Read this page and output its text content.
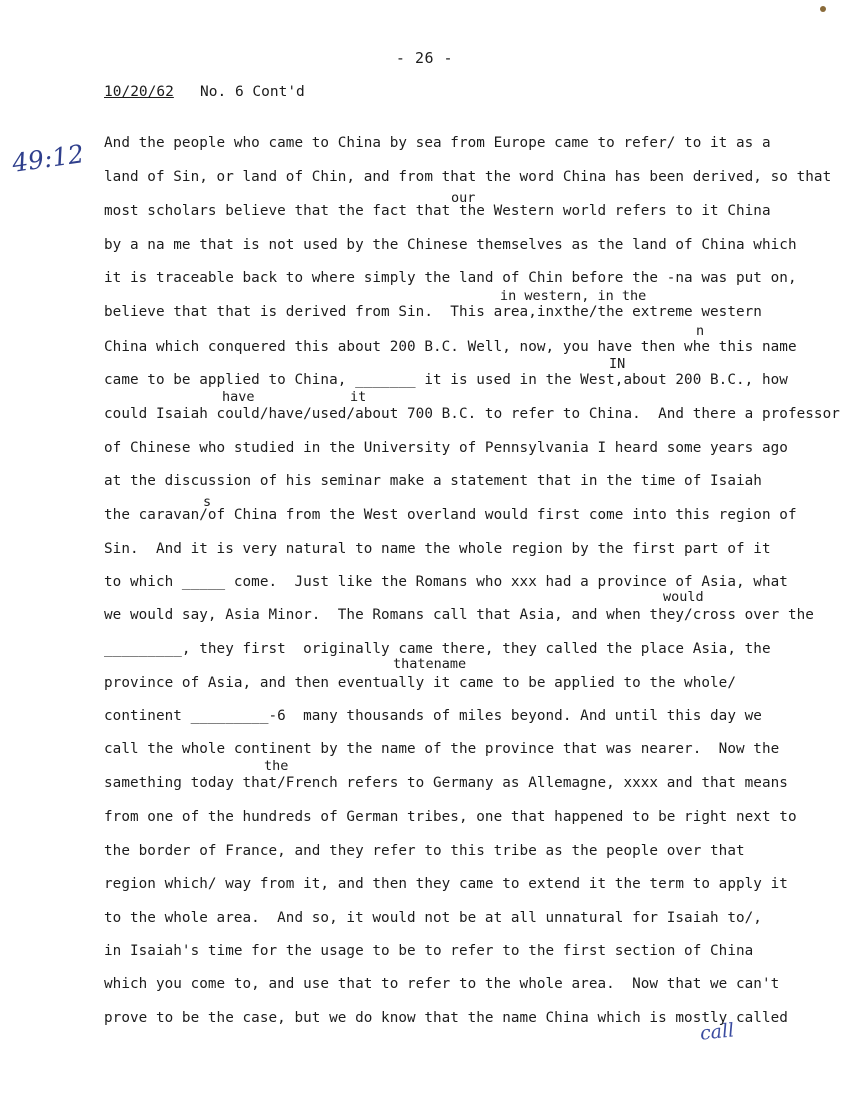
- 26 -
10/20/62   No. 6 Cont'd
49:12
our
in western, in the
n
IN
have	it
s
would
the
thatename
And the people who came to China by sea from Europe came to refer/ to it as a
land of Sin, or land of Chin, and from that the word China has been derived, so that
most scholars believe that the fact that the Western world refers to it China
by a na me that is not used by the Chinese themselves as the land of China which
it is traceable back to where simply the land of Chin before the -na was put on,
believe that that is derived from Sin.  This area,inxthe/the extreme western
China which conquered this about 200 B.C. Well, now, you have then whe this name
came to be applied to China, _______ it is used in the West,about 200 B.C., how
could Isaiah could/have/used/about 700 B.C. to refer to China.  And there a professor
of Chinese who studied in the University of Pennsylvania I heard some years ago
at the discussion of his seminar make a statement that in the time of Isaiah
the caravan/of China from the West overland would first come into this region of
Sin.  And it is very natural to name the whole region by the first part of it
to which _____ come.  Just like the Romans who xxx had a province of Asia, what
we would say, Asia Minor.  The Romans call that Asia, and when they/cross over the
_________, they first  originally came there, they called the place Asia, the
province of Asia, and then eventually it came to be applied to the whole/
continent _________-6  many thousands of miles beyond. And until this day we
call the whole continent by the name of the province that was nearer.  Now the
samething today that/French refers to Germany as Allemagne, xxxx and that means
from one of the hundreds of German tribes, one that happened to be right next to
the border of France, and they refer to this tribe as the people over that
region which/ way from it, and then they came to extend it the term to apply it
to the whole area.  And so, it would not be at all unnatural for Isaiah to/,
in Isaiah's time for the usage to be to refer to the first section of China
which you come to, and use that to refer to the whole area.  Now that we can't
prove to be the case, but we do know that the name China which is mostly called
call
